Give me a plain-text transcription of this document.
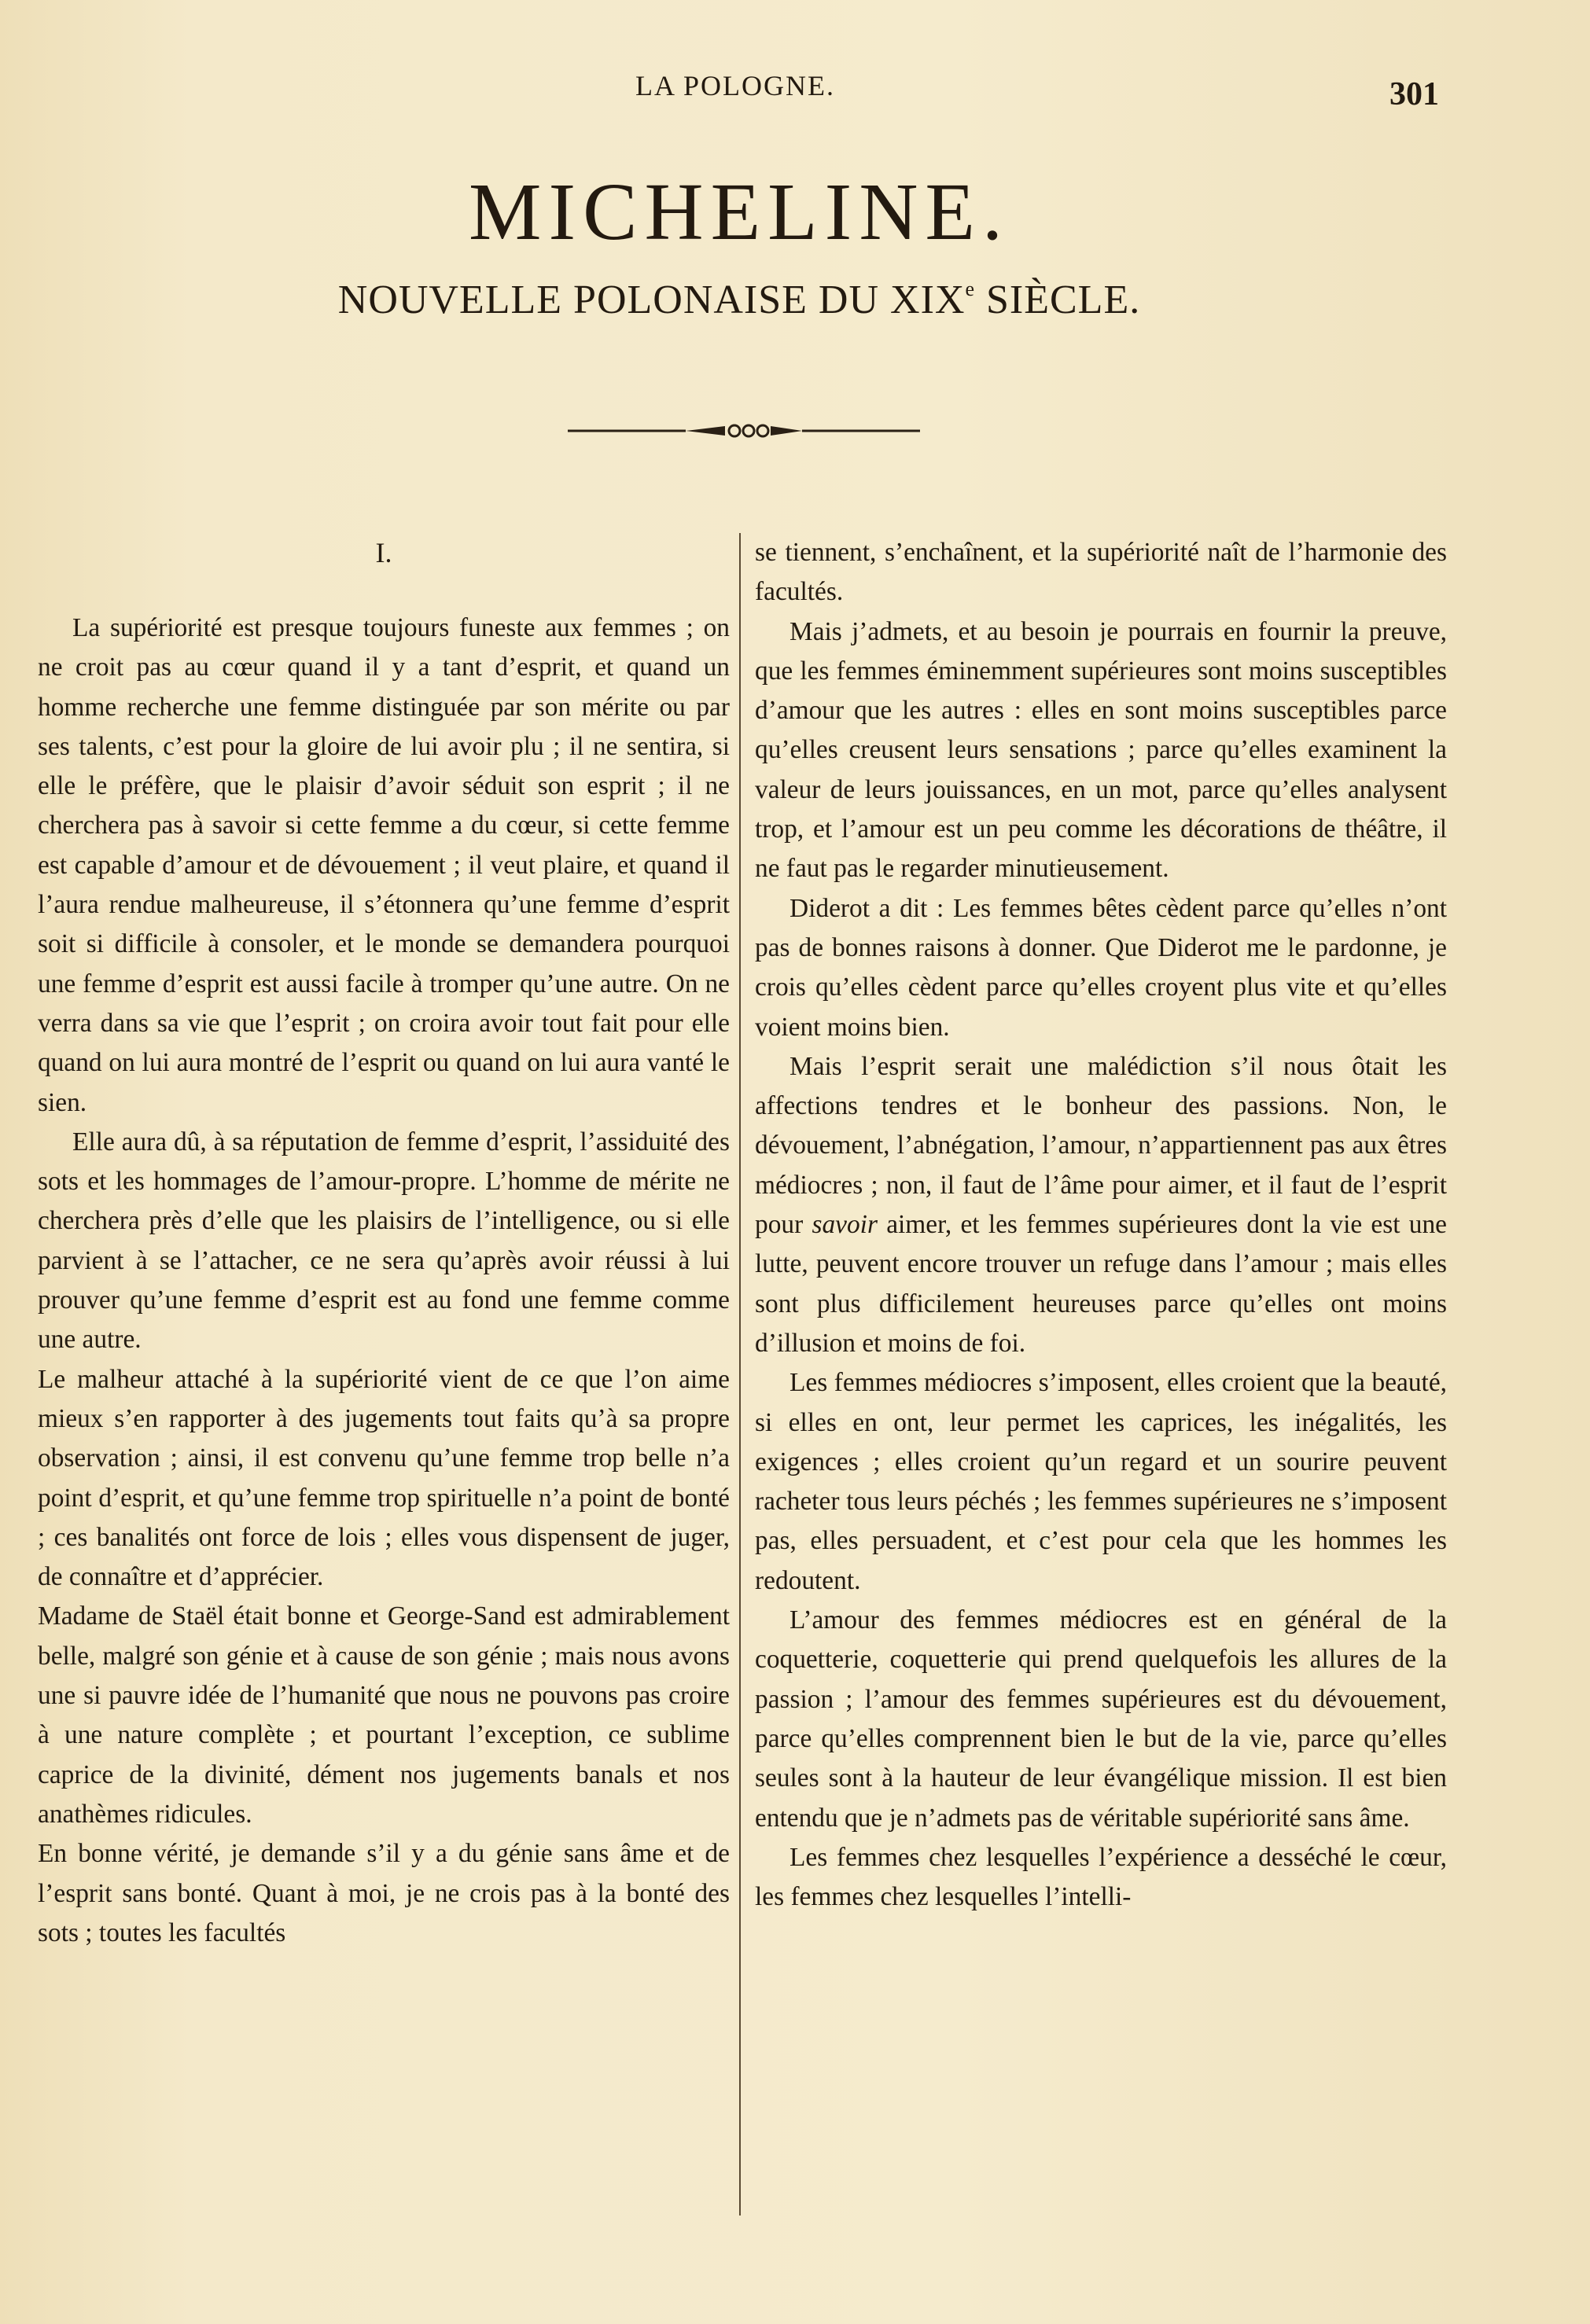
LA POLOGNE.	301
MICHELINE.
NOUVELLE POLONAISE DU XIXe SIÈCLE.
I.

La supériorité est presque toujours funeste aux femmes ; on ne croit pas au cœur quand il y a tant d’esprit, et quand un homme recherche une femme distinguée par son mérite ou par ses talents, c’est pour la gloire de lui avoir plu ; il ne sentira, si elle le préfère, que le plaisir d’avoir séduit son esprit ; il ne cherchera pas à savoir si cette femme a du cœur, si cette femme est capable d’amour et de dévouement ; il veut plaire, et quand il l’aura rendue malheureuse, il s’étonnera qu’une femme d’esprit soit si difficile à consoler, et le monde se demandera pourquoi une femme d’esprit est aussi facile à tromper qu’une autre. On ne verra dans sa vie que l’esprit ; on croira avoir tout fait pour elle quand on lui aura montré de l’esprit ou quand on lui aura vanté le sien.

Elle aura dû, à sa réputation de femme d’esprit, l’assiduité des sots et les hommages de l’amour-propre. L’homme de mérite ne cherchera près d’elle que les plaisirs de l’intelligence, ou si elle parvient à se l’attacher, ce ne sera qu’après avoir réussi à lui prouver qu’une femme d’esprit est au fond une femme comme une autre.

Le malheur attaché à la supériorité vient de ce que l’on aime mieux s’en rapporter à des jugements tout faits qu’à sa propre observation ; ainsi, il est convenu qu’une femme trop belle n’a point d’esprit, et qu’une femme trop spirituelle n’a point de bonté ; ces banalités ont force de lois ; elles vous dispensent de juger, de connaître et d’apprécier.

Madame de Staël était bonne et George-Sand est admirablement belle, malgré son génie et à cause de son génie ; mais nous avons une si pauvre idée de l’humanité que nous ne pouvons pas croire à une nature complète ; et pourtant l’exception, ce sublime caprice de la divinité, dément nos jugements banals et nos anathèmes ridicules.

En bonne vérité, je demande s’il y a du génie sans âme et de l’esprit sans bonté. Quant à moi, je ne crois pas à la bonté des sots ; toutes les facultés

se tiennent, s’enchaînent, et la supériorité naît de l’harmonie des facultés.

Mais j’admets, et au besoin je pourrais en fournir la preuve, que les femmes éminemment supérieures sont moins susceptibles d’amour que les autres : elles en sont moins susceptibles parce qu’elles creusent leurs sensations ; parce qu’elles examinent la valeur de leurs jouissances, en un mot, parce qu’elles analysent trop, et l’amour est un peu comme les décorations de théâtre, il ne faut pas le regarder minutieusement.

Diderot a dit : Les femmes bêtes cèdent parce qu’elles n’ont pas de bonnes raisons à donner. Que Diderot me le pardonne, je crois qu’elles cèdent parce qu’elles croyent plus vite et qu’elles voient moins bien.

Mais l’esprit serait une malédiction s’il nous ôtait les affections tendres et le bonheur des passions. Non, le dévouement, l’abnégation, l’amour, n’appartiennent pas aux êtres médiocres ; non, il faut de l’âme pour aimer, et il faut de l’esprit pour savoir aimer, et les femmes supérieures dont la vie est une lutte, peuvent encore trouver un refuge dans l’amour ; mais elles sont plus difficilement heureuses parce qu’elles ont moins d’illusion et moins de foi.

Les femmes médiocres s’imposent, elles croient que la beauté, si elles en ont, leur permet les caprices, les inégalités, les exigences ; elles croient qu’un regard et un sourire peuvent racheter tous leurs péchés ; les femmes supérieures ne s’imposent pas, elles persuadent, et c’est pour cela que les hommes les redoutent.

L’amour des femmes médiocres est en général de la coquetterie, coquetterie qui prend quelquefois les allures de la passion ; l’amour des femmes supérieures est du dévouement, parce qu’elles comprennent bien le but de la vie, parce qu’elles seules sont à la hauteur de leur évangélique mission. Il est bien entendu que je n’admets pas de véritable supériorité sans âme.

Les femmes chez lesquelles l’expérience a desséché le cœur, les femmes chez lesquelles l’intelli-
